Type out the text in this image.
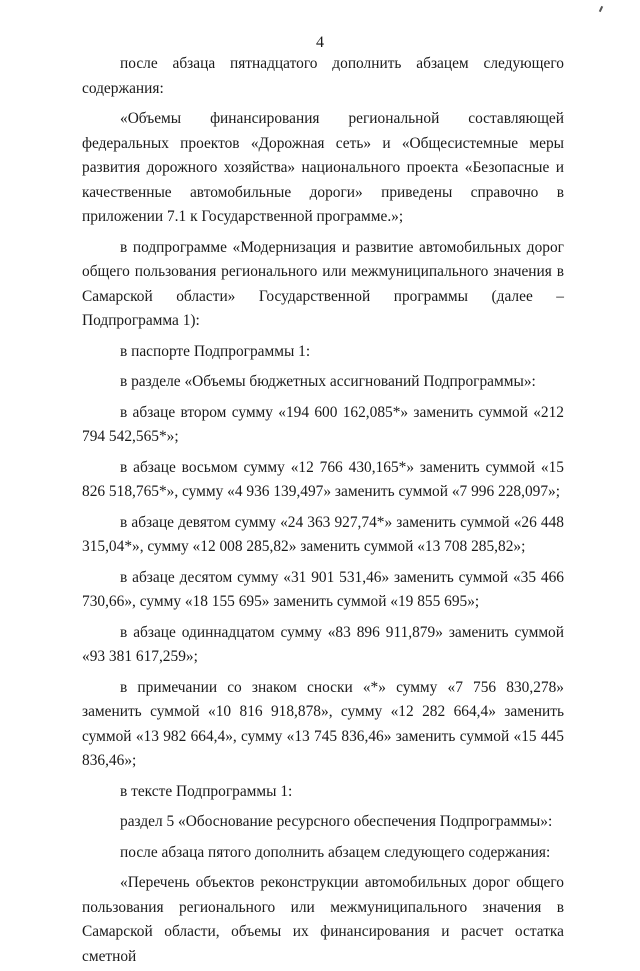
4

после абзаца пятнадцатого дополнить абзацем следующего содержания:

«Объемы финансирования региональной составляющей федеральных проектов «Дорожная сеть» и «Общесистемные меры развития дорожного хозяйства» национального проекта «Безопасные и качественные автомобильные дороги» приведены справочно в приложении 7.1 к Государственной программе.»;

в подпрограмме «Модернизация и развитие автомобильных дорог общего пользования регионального или межмуниципального значения в Самарской области» Государственной программы (далее – Подпрограмма 1):

в паспорте Подпрограммы 1:

в разделе «Объемы бюджетных ассигнований Подпрограммы»:

в абзаце втором сумму «194 600 162,085*» заменить суммой «212 794 542,565*»;

в абзаце восьмом сумму «12 766 430,165*» заменить суммой «15 826 518,765*», сумму «4 936 139,497» заменить суммой «7 996 228,097»;

в абзаце девятом сумму «24 363 927,74*» заменить суммой «26 448 315,04*», сумму «12 008 285,82» заменить суммой «13 708 285,82»;

в абзаце десятом сумму «31 901 531,46» заменить суммой «35 466 730,66», сумму «18 155 695» заменить суммой «19 855 695»;

в абзаце одиннадцатом сумму «83 896 911,879» заменить суммой «93 381 617,259»;

в примечании со знаком сноски «*» сумму «7 756 830,278» заменить суммой «10 816 918,878», сумму «12 282 664,4» заменить суммой «13 982 664,4», сумму «13 745 836,46» заменить суммой «15 445 836,46»;

в тексте Подпрограммы 1:

раздел 5 «Обоснование ресурсного обеспечения Подпрограммы»:

после абзаца пятого дополнить абзацем следующего содержания:

«Перечень объектов реконструкции автомобильных дорог общего пользования регионального или межмуниципального значения в Самарской области, объемы их финансирования и расчет остатка сметной
